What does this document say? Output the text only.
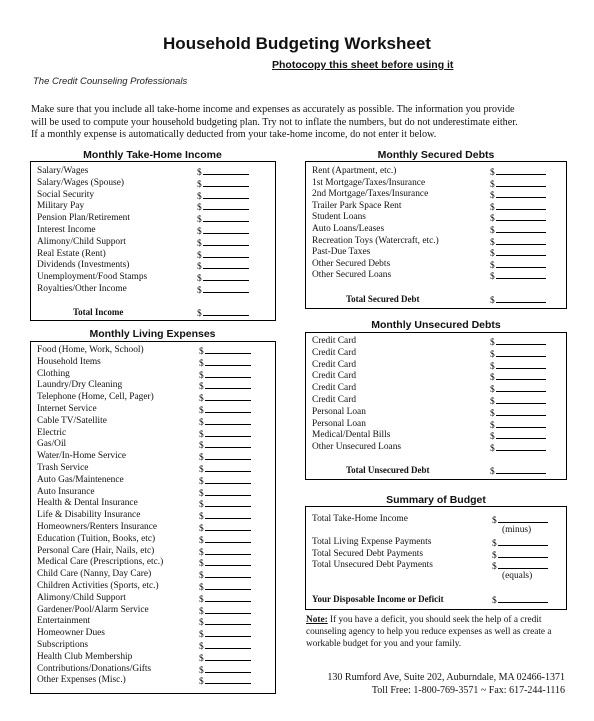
Household Budgeting Worksheet
Photocopy this sheet before using it
The Credit Counseling Professionals
Make sure that you include all take-home income and expenses as accurately as possible. The information you provide
will be used to compute your household budgeting plan. Try not to inflate the numbers, but do not underestimate either.
If a monthly expense is automatically deducted from your take-home income, do not enter it below.
Monthly Take-Home Income
Salary/Wages	$
Salary/Wages (Spouse)	$
Social Security	$
Military Pay	$
Pension Plan/Retirement	$
Interest Income	$
Alimony/Child Support	$
Real Estate (Rent)	$
Dividends (Investments)	$
Unemployment/Food Stamps	$
Royalties/Other Income	$
Total Income	$
Monthly Living Expenses
Food (Home, Work, School)	$
Household Items	$
Clothing	$
Laundry/Dry Cleaning	$
Telephone (Home, Cell, Pager)	$
Internet Service	$
Cable TV/Satellite	$
Electric	$
Gas/Oil	$
Water/In-Home Service	$
Trash Service	$
Auto Gas/Maintenence	$
Auto Insurance	$
Health & Dental Insurance	$
Life & Disability Insurance	$
Homeowners/Renters Insurance	$
Education (Tuition, Books, etc)	$
Personal Care (Hair, Nails, etc)	$
Medical Care (Prescriptions, etc.)	$
Child Care (Nanny, Day Care)	$
Children Activities (Sports, etc.)	$
Alimony/Child Support	$
Gardener/Pool/Alarm Service	$
Entertainment	$
Homeowner Dues	$
Subscriptions	$
Health Club Membership	$
Contributions/Donations/Gifts	$
Other Expenses (Misc.)	$
Monthly Secured Debts
Rent (Apartment, etc.)	$
1st Mortgage/Taxes/Insurance	$
2nd Mortgage/Taxes/Insurance	$
Trailer Park Space Rent	$
Student Loans	$
Auto Loans/Leases	$
Recreation Toys (Watercraft, etc.)	$
Past-Due Taxes	$
Other Secured Debts	$
Other Secured Loans	$
Total Secured Debt	$
Monthly Unsecured Debts
Credit Card	$
Credit Card	$
Credit Card	$
Credit Card	$
Credit Card	$
Credit Card	$
Personal Loan	$
Personal Loan	$
Medical/Dental Bills	$
Other Unsecured Loans	$
Total Unsecured Debt	$
Summary of Budget
Total Take-Home Income	$
(minus)
Total Living Expense Payments	$
Total Secured Debt Payments	$
Total Unsecured Debt Payments	$
(equals)
Your Disposable Income or Deficit	$
Note: If you have a deficit, you should seek the help of a credit counseling agency to help you reduce expenses as well as create a workable budget for you and your family.
130 Rumford Ave, Suite 202, Auburndale, MA 02466-1371
Toll Free: 1-800-769-3571 ~ Fax: 617-244-1116
